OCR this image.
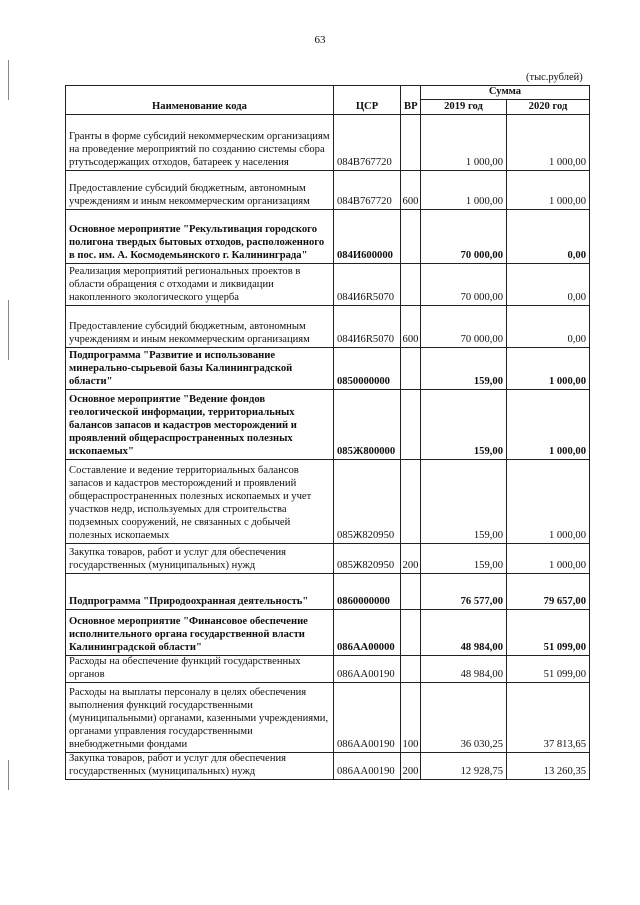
63
(тыс.рублей)
Наименование кода	ЦСР	ВР	Сумма	
			2019 год	2020 год
Гранты в форме субсидий некоммерческим организациям на проведение мероприятий по созданию системы сбора ртутьсодержащих отходов, батареек у населения	084В767720		1 000,00	1 000,00
Предоставление субсидий бюджетным, автономным учреждениям и иным некоммерческим организациям	084В767720	600	1 000,00	1 000,00
Основное мероприятие "Рекультивация городского полигона твердых бытовых отходов, расположенного в пос. им. А. Космодемьянского г. Калининграда"	084И600000		70 000,00	0,00
Реализация мероприятий региональных проектов в области обращения с отходами и ликвидации накопленного экологического ущерба	084И6R5070		70 000,00	0,00
Предоставление субсидий бюджетным, автономным учреждениям и иным некоммерческим организациям	084И6R5070	600	70 000,00	0,00
Подпрограмма "Развитие и использование минерально-сырьевой базы Калининградской области"	0850000000		159,00	1 000,00
Основное мероприятие "Ведение фондов геологической информации, территориальных балансов запасов и кадастров месторождений и проявлений общераспространенных полезных ископаемых"	085Ж800000		159,00	1 000,00
Составление и ведение территориальных балансов запасов и кадастров месторождений и проявлений общераспространенных полезных ископаемых и учет участков недр, используемых для строительства подземных сооружений, не связанных с добычей полезных ископаемых	085Ж820950		159,00	1 000,00
Закупка товаров, работ и услуг для обеспечения государственных (муниципальных) нужд	085Ж820950	200	159,00	1 000,00
Подпрограмма "Природоохранная деятельность"	0860000000		76 577,00	79 657,00
Основное мероприятие "Финансовое обеспечение исполнительного органа государственной власти Калининградской области"	086АА00000		48 984,00	51 099,00
Расходы на обеспечение функций государственных органов	086АА00190		48 984,00	51 099,00
Расходы на выплаты персоналу в целях обеспечения выполнения функций государственными (муниципальными) органами, казенными учреждениями, органами управления государственными внебюджетными фондами	086АА00190	100	36 030,25	37 813,65
Закупка товаров, работ и услуг для обеспечения государственных (муниципальных) нужд	086АА00190	200	12 928,75	13 260,35
